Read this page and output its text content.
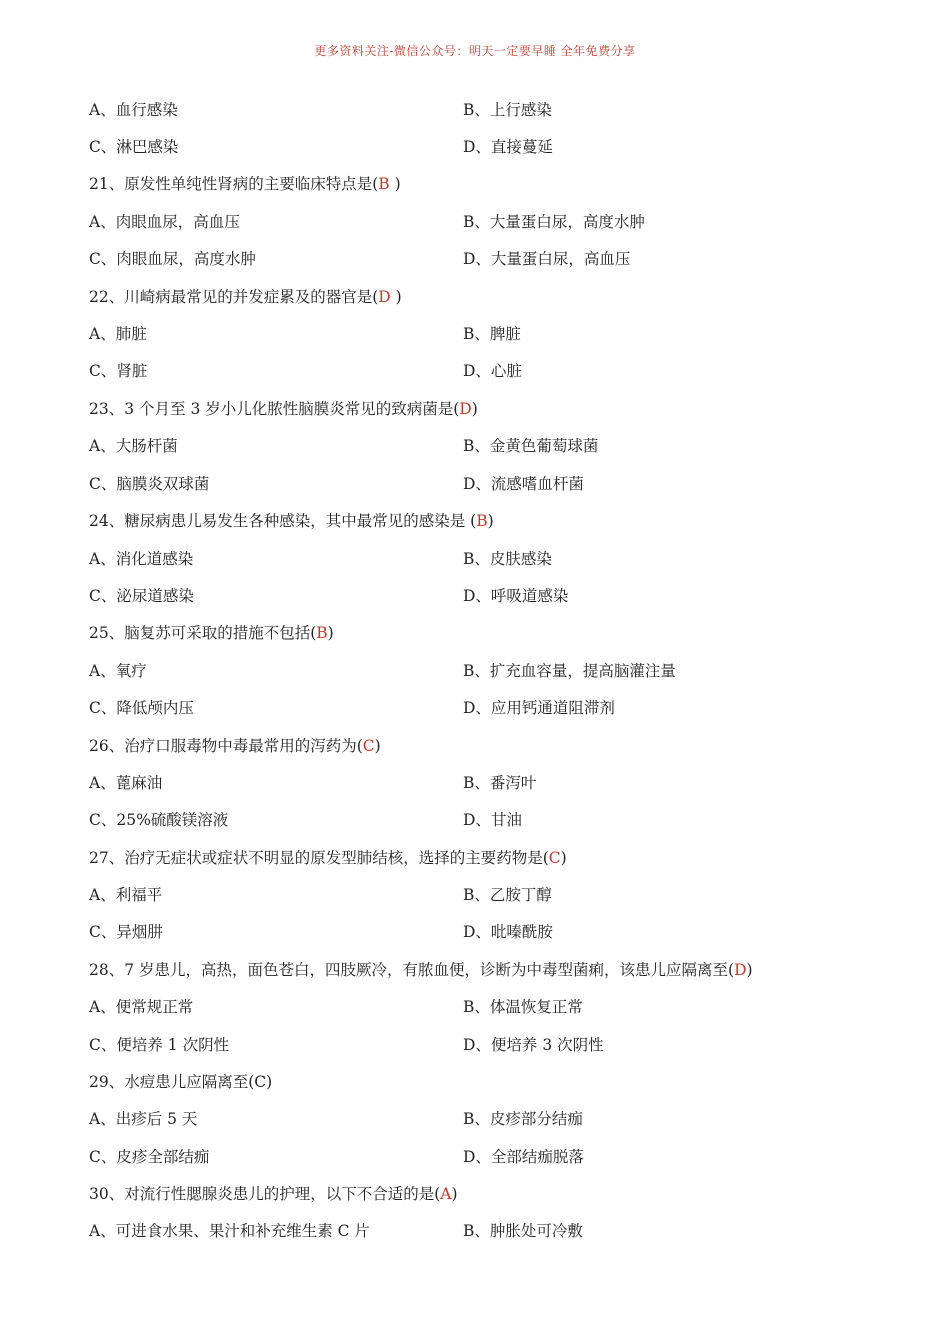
更多资料关注-微信公众号：明天一定要早睡 全年免费分享
A、血行感染	B、上行感染
C、淋巴感染	D、直接蔓延
21、原发性单纯性肾病的主要临床特点是(B )
A、肉眼血尿，高血压	B、大量蛋白尿，高度水肿
C、肉眼血尿，高度水肿	D、大量蛋白尿，高血压
22、川崎病最常见的并发症累及的器官是(D )
A、肺脏	B、脾脏
C、肾脏	D、心脏
23、3 个月至 3 岁小儿化脓性脑膜炎常见的致病菌是(D)
A、大肠杆菌	B、金黄色葡萄球菌
C、脑膜炎双球菌	D、流感嗜血杆菌
24、糖尿病患儿易发生各种感染，其中最常见的感染是 (B)
A、消化道感染	B、皮肤感染
C、泌尿道感染	D、呼吸道感染
25、脑复苏可采取的措施不包括(B)
A、氧疗	B、扩充血容量，提高脑灌注量
C、降低颅内压	D、应用钙通道阻滞剂
26、治疗口服毒物中毒最常用的泻药为(C)
A、蓖麻油	B、番泻叶
C、25%硫酸镁溶液	D、甘油
27、治疗无症状或症状不明显的原发型肺结核，选择的主要药物是(C)
A、利福平	B、乙胺丁醇
C、异烟肼	D、吡嗪酰胺
28、7 岁患儿，高热，面色苍白，四肢厥冷，有脓血便，诊断为中毒型菌痢，该患儿应隔离至(D)
A、便常规正常	B、体温恢复正常
C、便培养 1 次阴性	D、便培养 3 次阴性
29、水痘患儿应隔离至(C)
A、出疹后 5 天	B、皮疹部分结痂
C、皮疹全部结痂	D、全部结痂脱落
30、对流行性腮腺炎患儿的护理，以下不合适的是(A)
A、可进食水果、果汁和补充维生素 C 片	B、肿胀处可冷敷
